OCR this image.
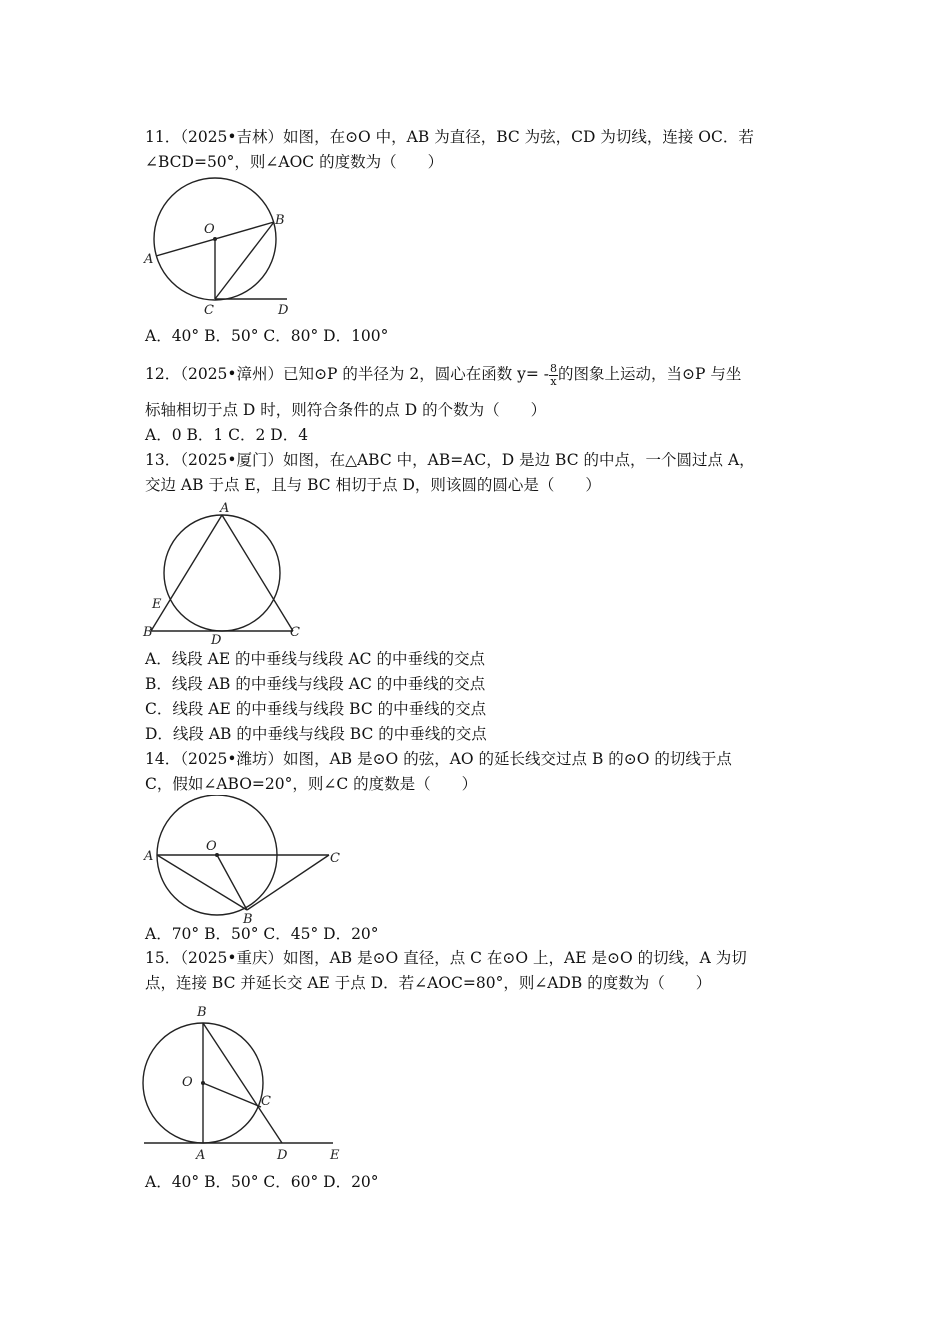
11．（2025•吉林）如图，在⊙O 中，AB 为直径，BC 为弦，CD 为切线，连接 OC．若
∠BCD=50°，则∠AOC 的度数为（　　）
O
A
B
C	D
A．40° B．50° C．80° D．100°
12．（2025•漳州）已知⊙P 的半径为 2，圆心在函数 $y= - \frac{8}{x}$ 的图象上运动，当⊙P 与坐
标轴相切于点 D 时，则符合条件的点 D 的个数为（　　）
A．0 B．1 C．2 D．4
13．（2025•厦门）如图，在△ABC 中，AB=AC，D 是边 BC 的中点，一个圆过点 A，
交边 AB 于点 E，且与 BC 相切于点 D，则该圆的圆心是（　　）
A
E
B
D
C
A．线段 AE 的中垂线与线段 AC 的中垂线的交点
B．线段 AB 的中垂线与线段 AC 的中垂线的交点
C．线段 AE 的中垂线与线段 BC 的中垂线的交点
D．线段 AB 的中垂线与线段 BC 的中垂线的交点
14．（2025•潍坊）如图，AB 是⊙O 的弦，AO 的延长线交过点 B 的⊙O 的切线于点
C，假如∠ABO=20°，则∠C 的度数是（　　）
O
A	C
B
A．70° B．50° C．45° D．20°
15．（2025•重庆）如图，AB 是⊙O 直径，点 C 在⊙O 上，AE 是⊙O 的切线，A 为切
点，连接 BC 并延长交 AE 于点 D．若∠AOC=80°，则∠ADB 的度数为（　　）
B
O
C
A	D	E
A．40° B．50° C．60° D．20°
